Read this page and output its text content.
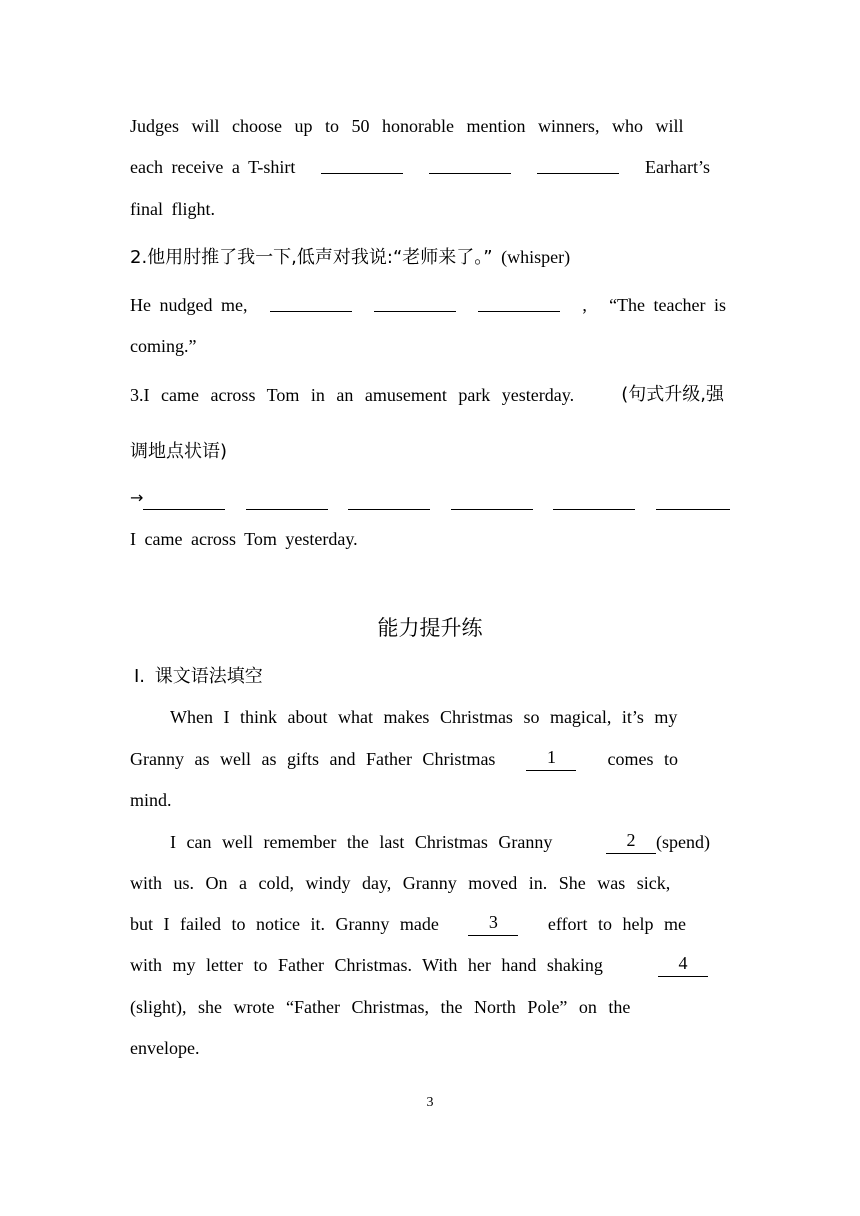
Judges will choose up to 50 honorable mention winners, who will
each receive a T-shirt	Earhart’s
final flight.
2.他用肘推了我一下,低声对我说:“老师来了。” (whisper)
He nudged me,	, “The teacher is
coming.”
3.I came across Tom in an amusement park yesterday.	(句式升级,强
调地点状语)
→
I came across Tom yesterday.
能力提升练
Ⅰ. 课文语法填空
When I think about what makes Christmas so magical, it’s my
Granny as well as gifts and Father Christmas	1	comes to
mind.
I can well remember the last Christmas Granny	2	(spend)
with us. On a cold, windy day, Granny moved in. She was sick,
but I failed to notice it. Granny made	3	effort to help me
with my letter to Father Christmas. With her hand shaking	4
(slight), she wrote “Father Christmas, the North Pole” on the
envelope.
3
